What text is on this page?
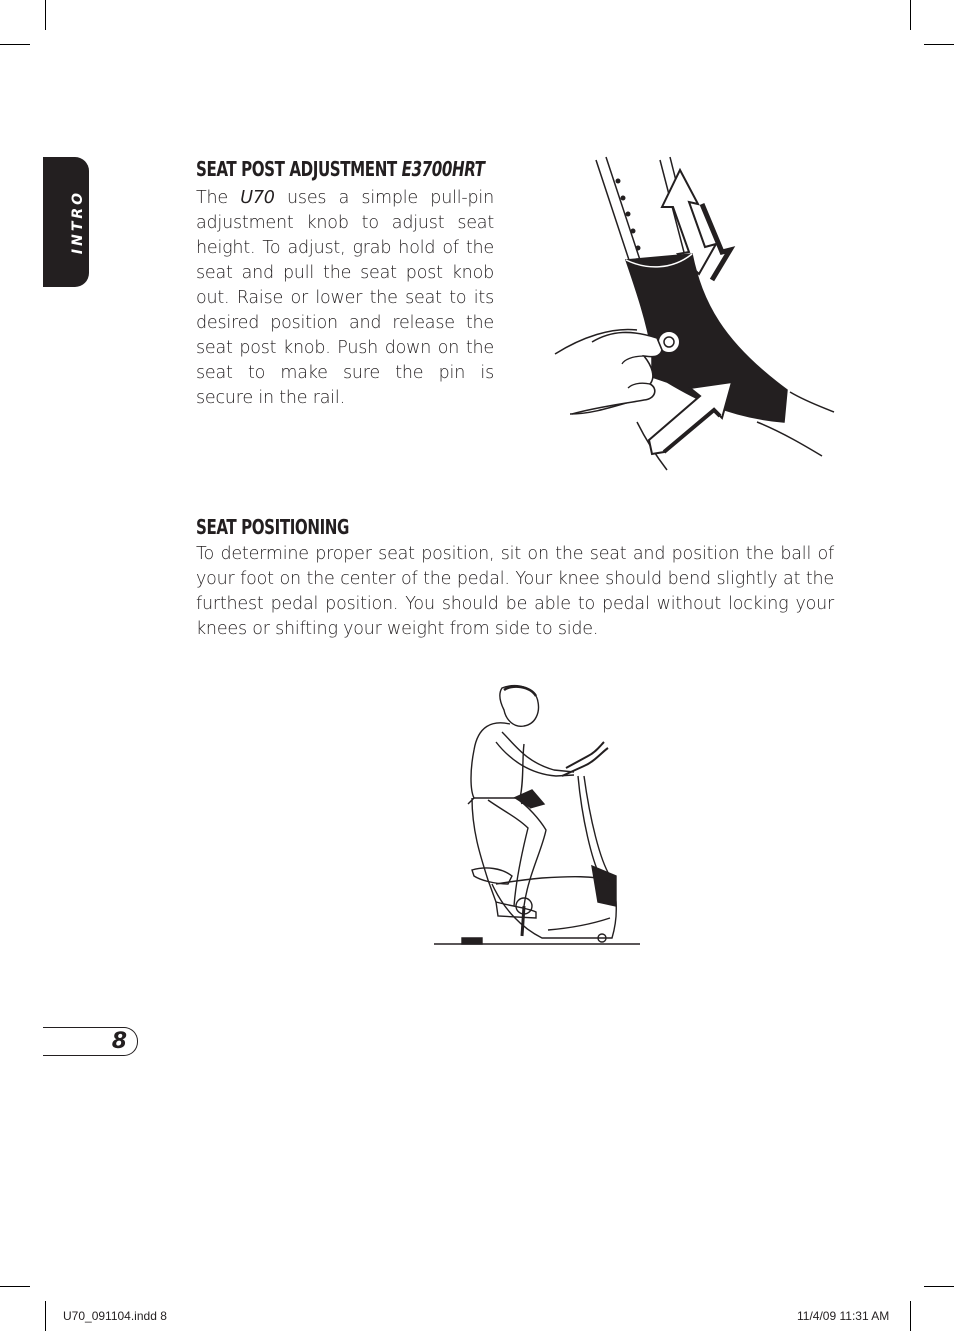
INTRO
SEAT POST ADJUSTMENT E3700HRT

The U70 uses a simple pull-pin adjustment knob to adjust seat height. To adjust, grab hold of the seat and pull the seat post knob out. Raise or lower the seat to its desired position and release the seat post knob. Push down on the seat to make sure the pin is secure in the rail.

SEAT POSITIONING

To determine proper seat position, sit on the seat and position the ball of your foot on the center of the pedal. Your knee should bend slightly at the furthest pedal position. You should be able to pedal without locking your knees or shifting your weight from side to side.

8
U70_091104.indd 8	11/4/09 11:31 AM
